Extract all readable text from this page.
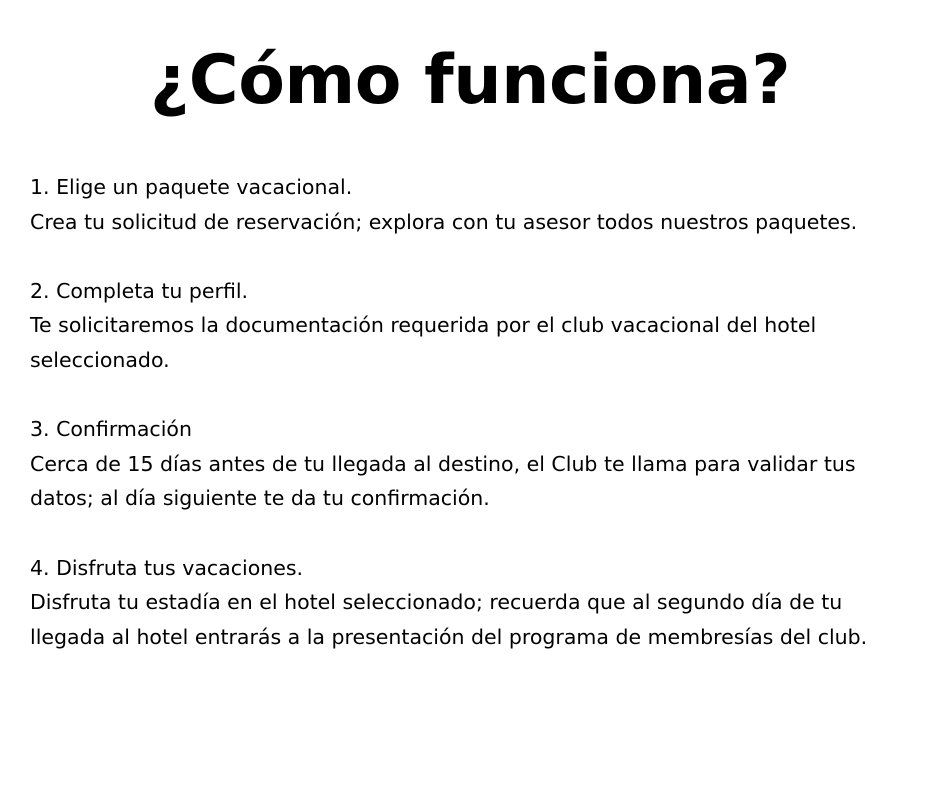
¿Cómo funciona?

1. Elige un paquete vacacional.

Crea tu solicitud de reservación; explora con tu asesor todos nuestros paquetes.

2. Completa tu perfil.

Te solicitaremos la documentación requerida por el club vacacional del hotel seleccionado.

3. Confirmación

Cerca de 15 días antes de tu llegada al destino, el Club te llama para validar tus datos; al día siguiente te da tu confirmación.

4. Disfruta tus vacaciones.

Disfruta tu estadía en el hotel seleccionado; recuerda que al segundo día de tu llegada al hotel entrarás a la presentación del programa de membresías del club.
